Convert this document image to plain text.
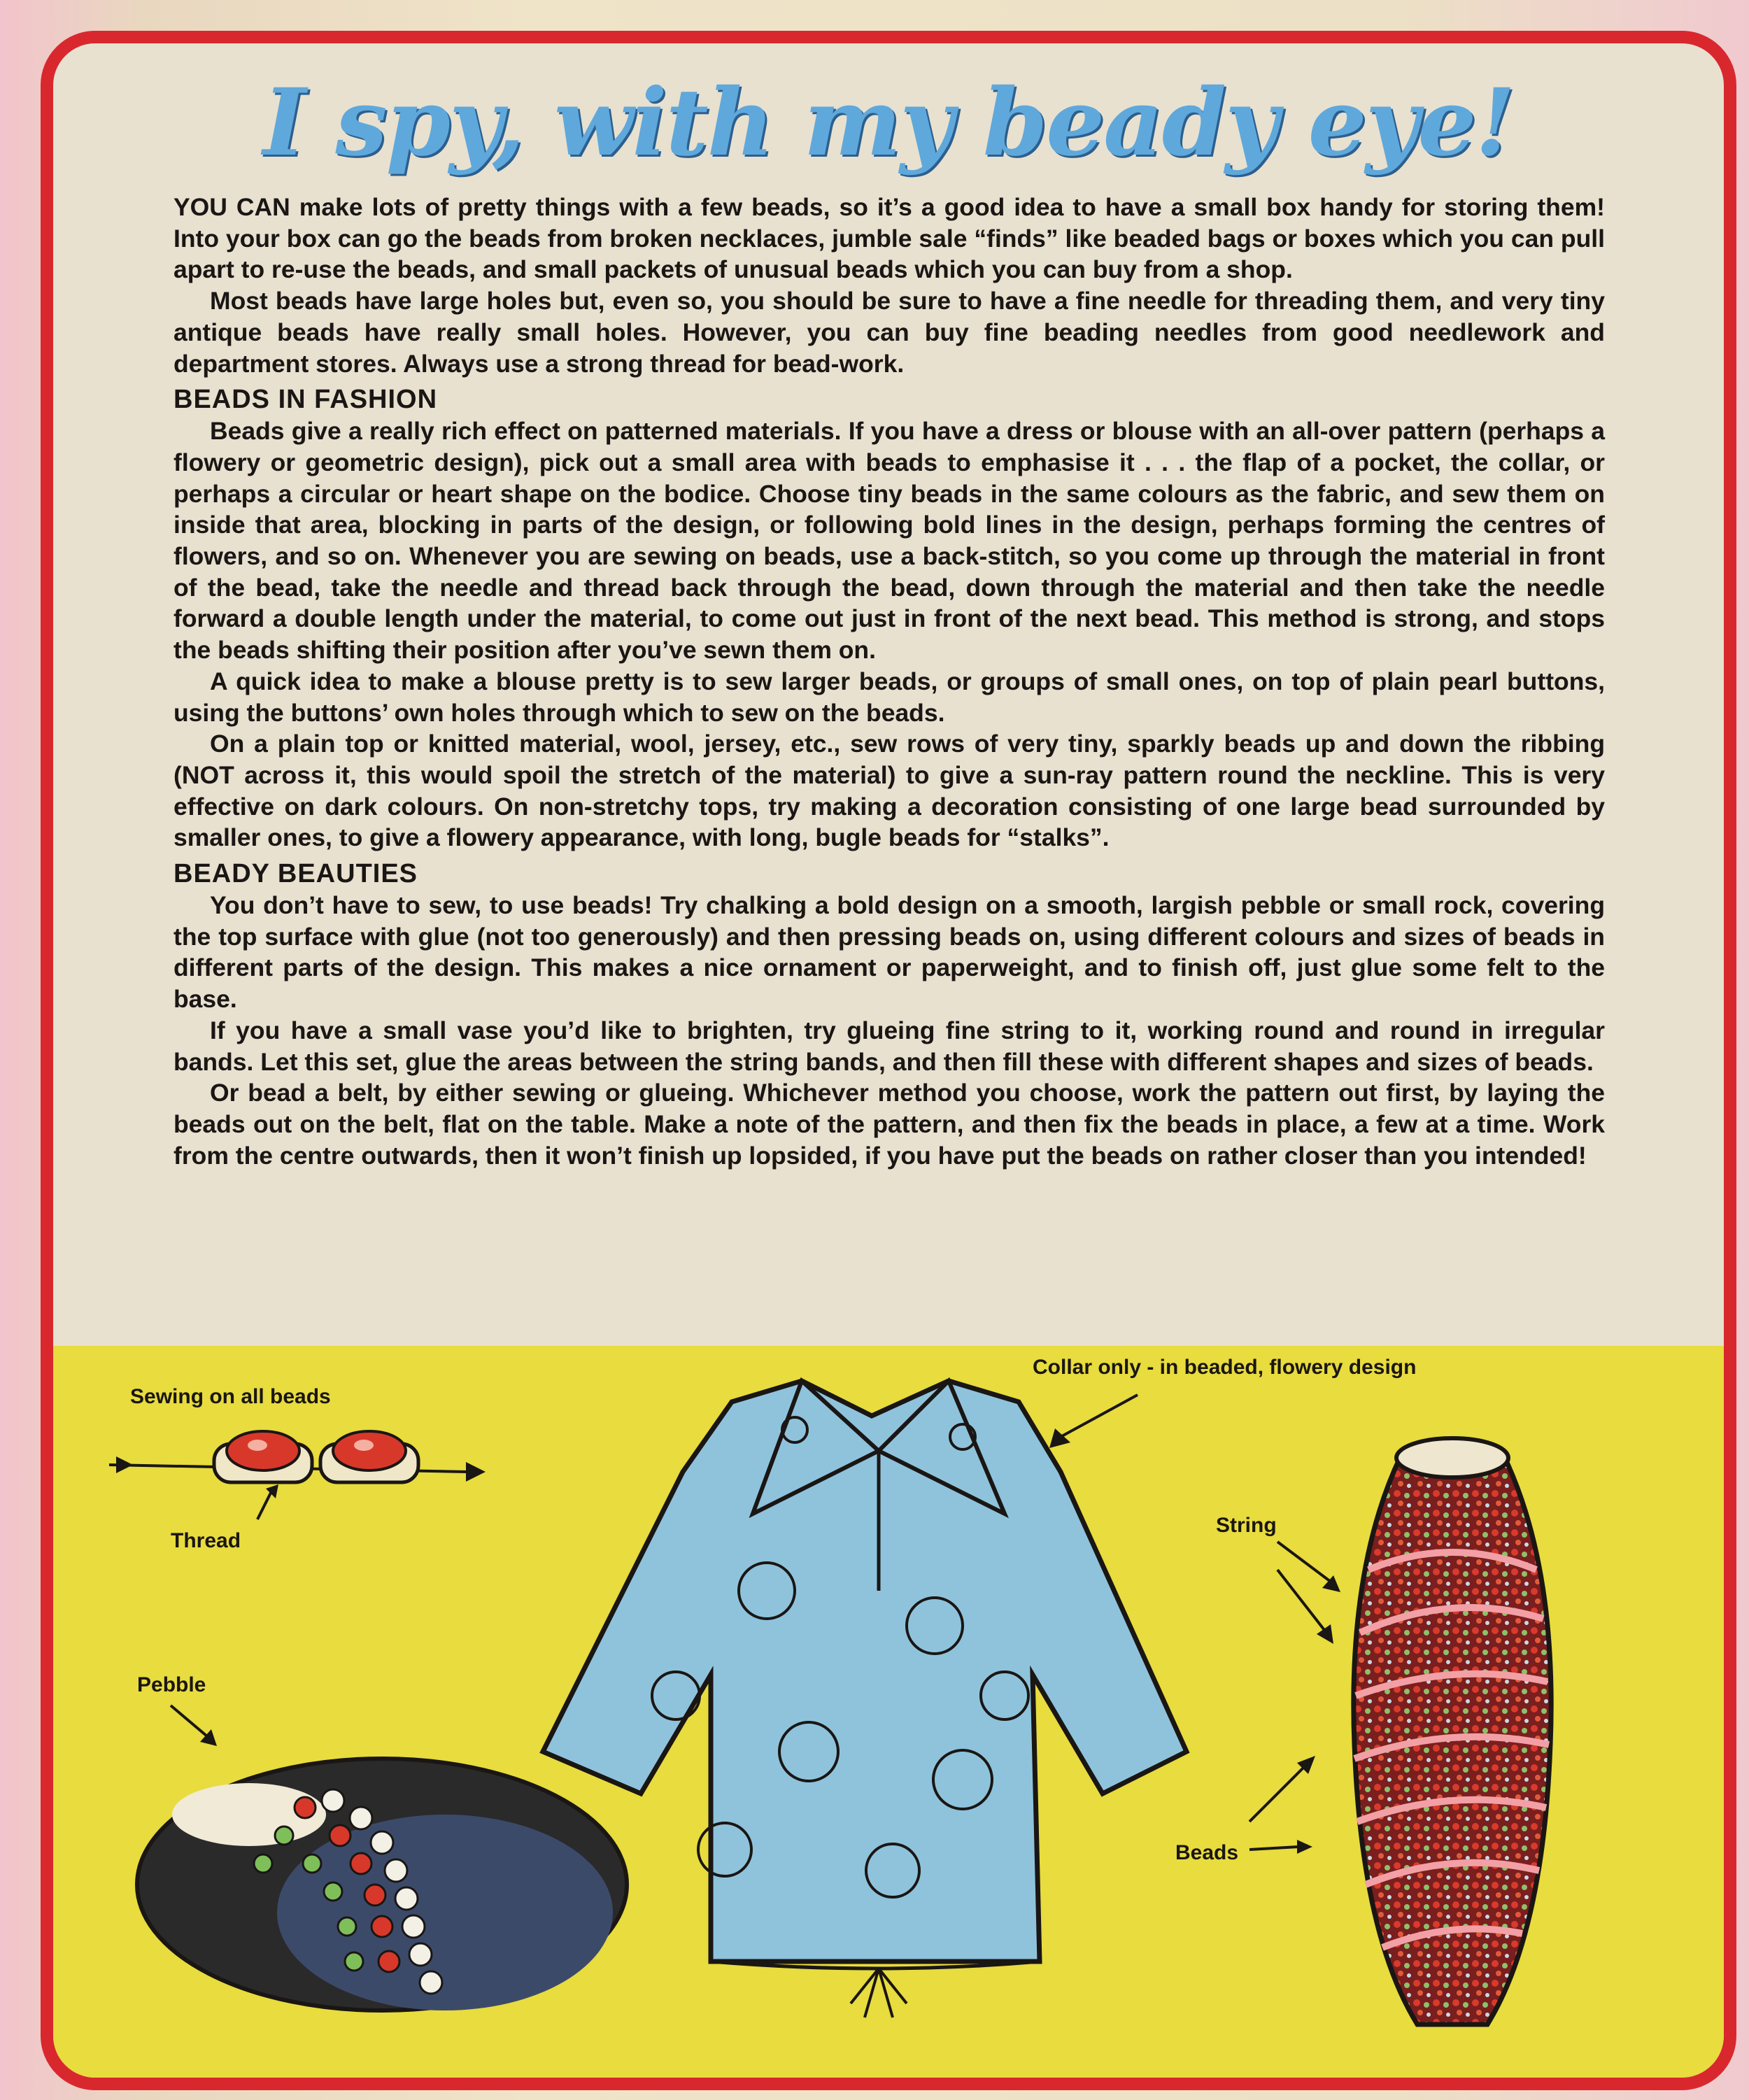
I spy, with my beady eye!

YOU CAN make lots of pretty things with a few beads, so it’s a good idea to have a small box handy for storing them! Into your box can go the beads from broken necklaces, jumble sale “finds” like beaded bags or boxes which you can pull apart to re-use the beads, and small packets of unusual beads which you can buy from a shop.

Most beads have large holes but, even so, you should be sure to have a fine needle for threading them, and very tiny antique beads have really small holes. However, you can buy fine beading needles from good needlework and department stores. Always use a strong thread for bead-work.

BEADS IN FASHION

Beads give a really rich effect on patterned materials. If you have a dress or blouse with an all-over pattern (perhaps a flowery or geometric design), pick out a small area with beads to emphasise it . . . the flap of a pocket, the collar, or perhaps a circular or heart shape on the bodice. Choose tiny beads in the same colours as the fabric, and sew them on inside that area, blocking in parts of the design, or following bold lines in the design, perhaps forming the centres of flowers, and so on. Whenever you are sewing on beads, use a back-stitch, so you come up through the material in front of the bead, take the needle and thread back through the bead, down through the material and then take the needle forward a double length under the material, to come out just in front of the next bead. This method is strong, and stops the beads shifting their position after you’ve sewn them on.

A quick idea to make a blouse pretty is to sew larger beads, or groups of small ones, on top of plain pearl buttons, using the buttons’ own holes through which to sew on the beads.

On a plain top or knitted material, wool, jersey, etc., sew rows of very tiny, sparkly beads up and down the ribbing (NOT across it, this would spoil the stretch of the material) to give a sun-ray pattern round the neckline. This is very effective on dark colours. On non-stretchy tops, try making a decoration consisting of one large bead surrounded by smaller ones, to give a flowery appearance, with long, bugle beads for “stalks”.

BEADY BEAUTIES

You don’t have to sew, to use beads! Try chalking a bold design on a smooth, largish pebble or small rock, covering the top surface with glue (not too generously) and then pressing beads on, using different colours and sizes of beads in different parts of the design. This makes a nice ornament or paperweight, and to finish off, just glue some felt to the base.

If you have a small vase you’d like to brighten, try glueing fine string to it, working round and round in irregular bands. Let this set, glue the areas between the string bands, and then fill these with different shapes and sizes of beads.

Or bead a belt, by either sewing or glueing. Whichever method you choose, work the pattern out first, by laying the beads out on the belt, flat on the table. Make a note of the pattern, and then fix the beads in place, a few at a time. Work from the centre outwards, then it won’t finish up lopsided, if you have put the beads on rather closer than you intended!

Sewing on all beads
Thread
Pebble
Collar only - in beaded, flowery design
String
Beads
